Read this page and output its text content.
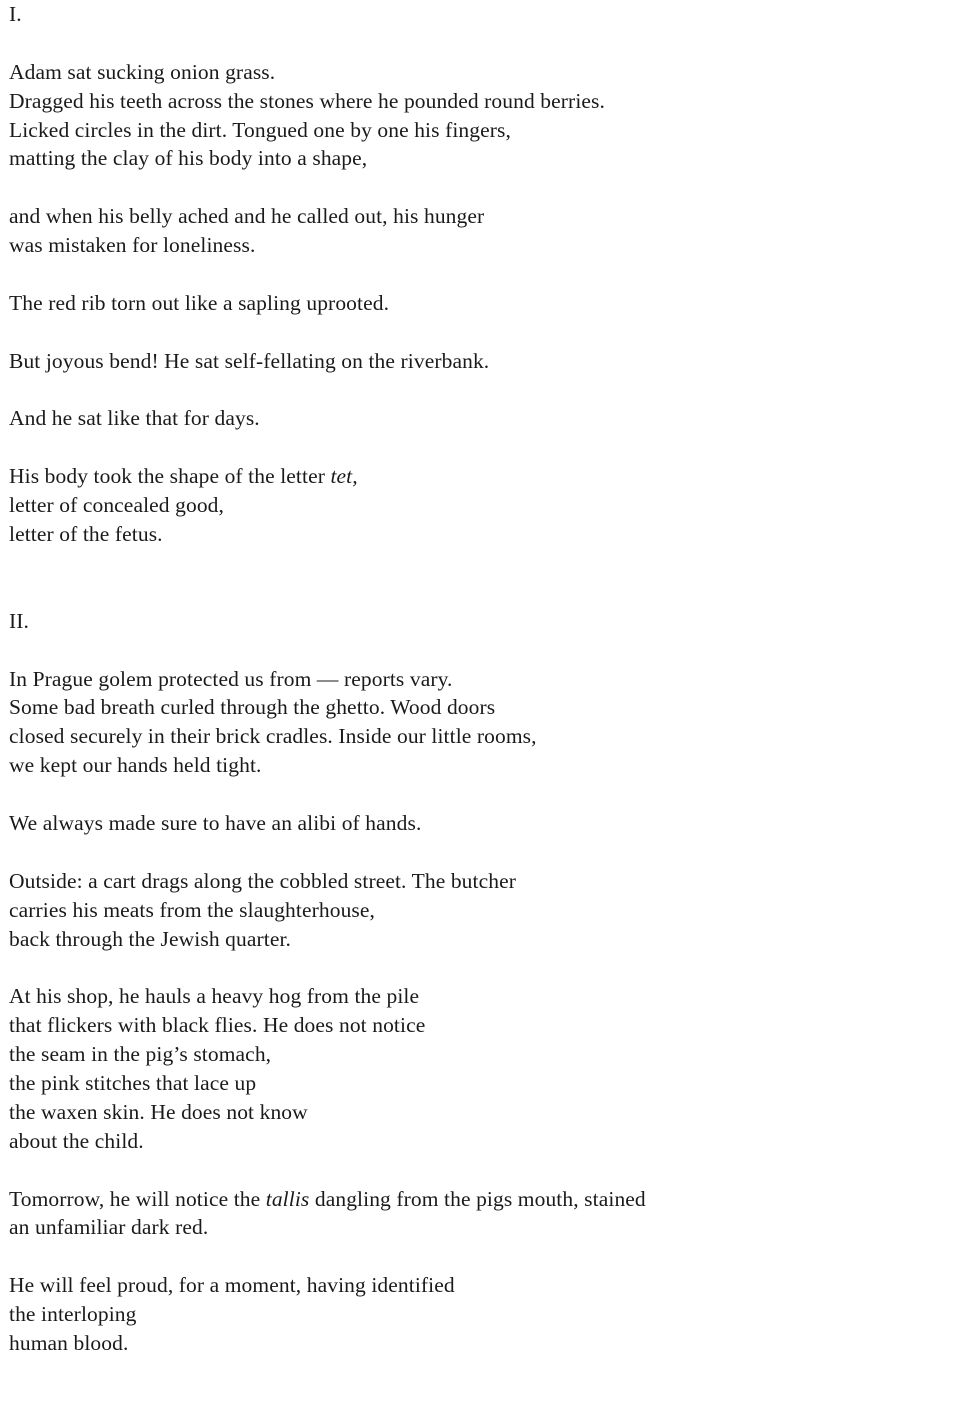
I.
Adam sat sucking onion grass.
Dragged his teeth across the stones where he pounded round berries.
Licked circles in the dirt. Tongued one by one his fingers,
matting the clay of his body into a shape,
and when his belly ached and he called out, his hunger
was mistaken for loneliness.
The red rib torn out like a sapling uprooted.
But joyous bend! He sat self-fellating on the riverbank.
And he sat like that for days.
His body took the shape of the letter tet,
letter of concealed good,
letter of the fetus.
II.
In Prague golem protected us from — reports vary.
Some bad breath curled through the ghetto. Wood doors
closed securely in their brick cradles. Inside our little rooms,
we kept our hands held tight.
We always made sure to have an alibi of hands.
Outside: a cart drags along the cobbled street. The butcher
carries his meats from the slaughterhouse,
back through the Jewish quarter.
At his shop, he hauls a heavy hog from the pile
that flickers with black flies. He does not notice
the seam in the pig’s stomach,
the pink stitches that lace up
the waxen skin. He does not know
about the child.
Tomorrow, he will notice the tallis dangling from the pigs mouth, stained
an unfamiliar dark red.
He will feel proud, for a moment, having identified
the interloping
human blood.
